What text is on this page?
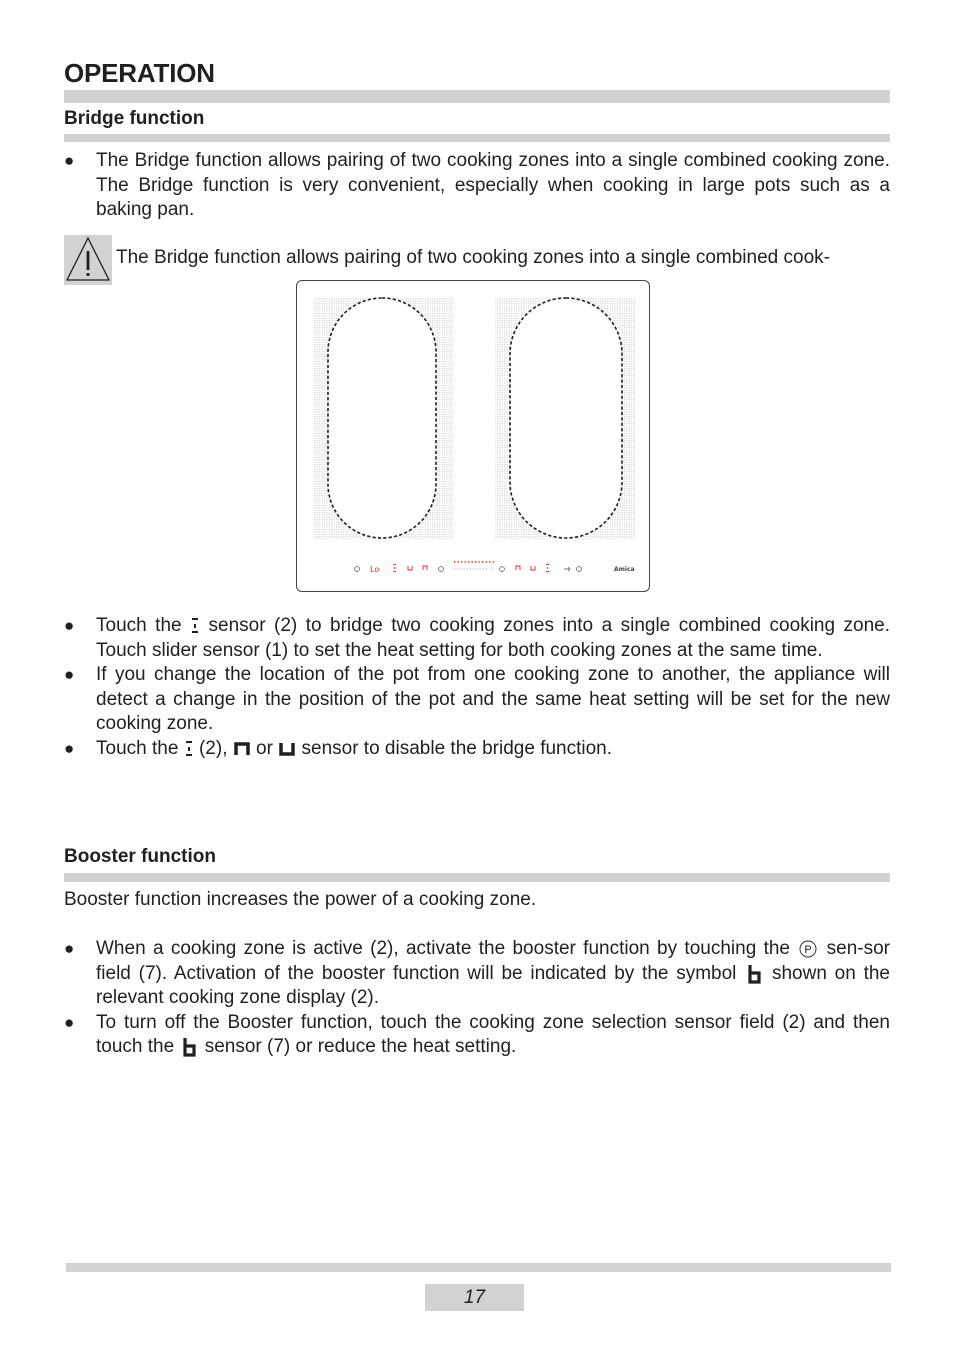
OPERATION
Bridge function
● The Bridge function allows pairing of two cooking zones into a single combined cooking zone. The Bridge function is very convenient, especially when cooking in large pots such as a baking pan.
The Bridge function allows pairing of two cooking zones into a single combined cook-
Lo	Amica
● Touch the sensor (2) to bridge two cooking zones into a single combined cooking zone. Touch slider sensor (1) to set the heat setting for both cooking zones at the same time.
● If you change the location of the pot from one cooking zone to another, the appliance will detect a change in the position of the pot and the same heat setting will be set for the new cooking zone.
● Touch the (2), or sensor to disable the bridge function.
Booster function
Booster function increases the power of a cooking zone.
● When a cooking zone is active (2), activate the booster function by touching the P sen-sor field (7). Activation of the booster function will be indicated by the symbol shown on the relevant cooking zone display (2).
● To turn off the Booster function, touch the cooking zone selection sensor field (2) and then touch the sensor (7) or reduce the heat setting.
17
